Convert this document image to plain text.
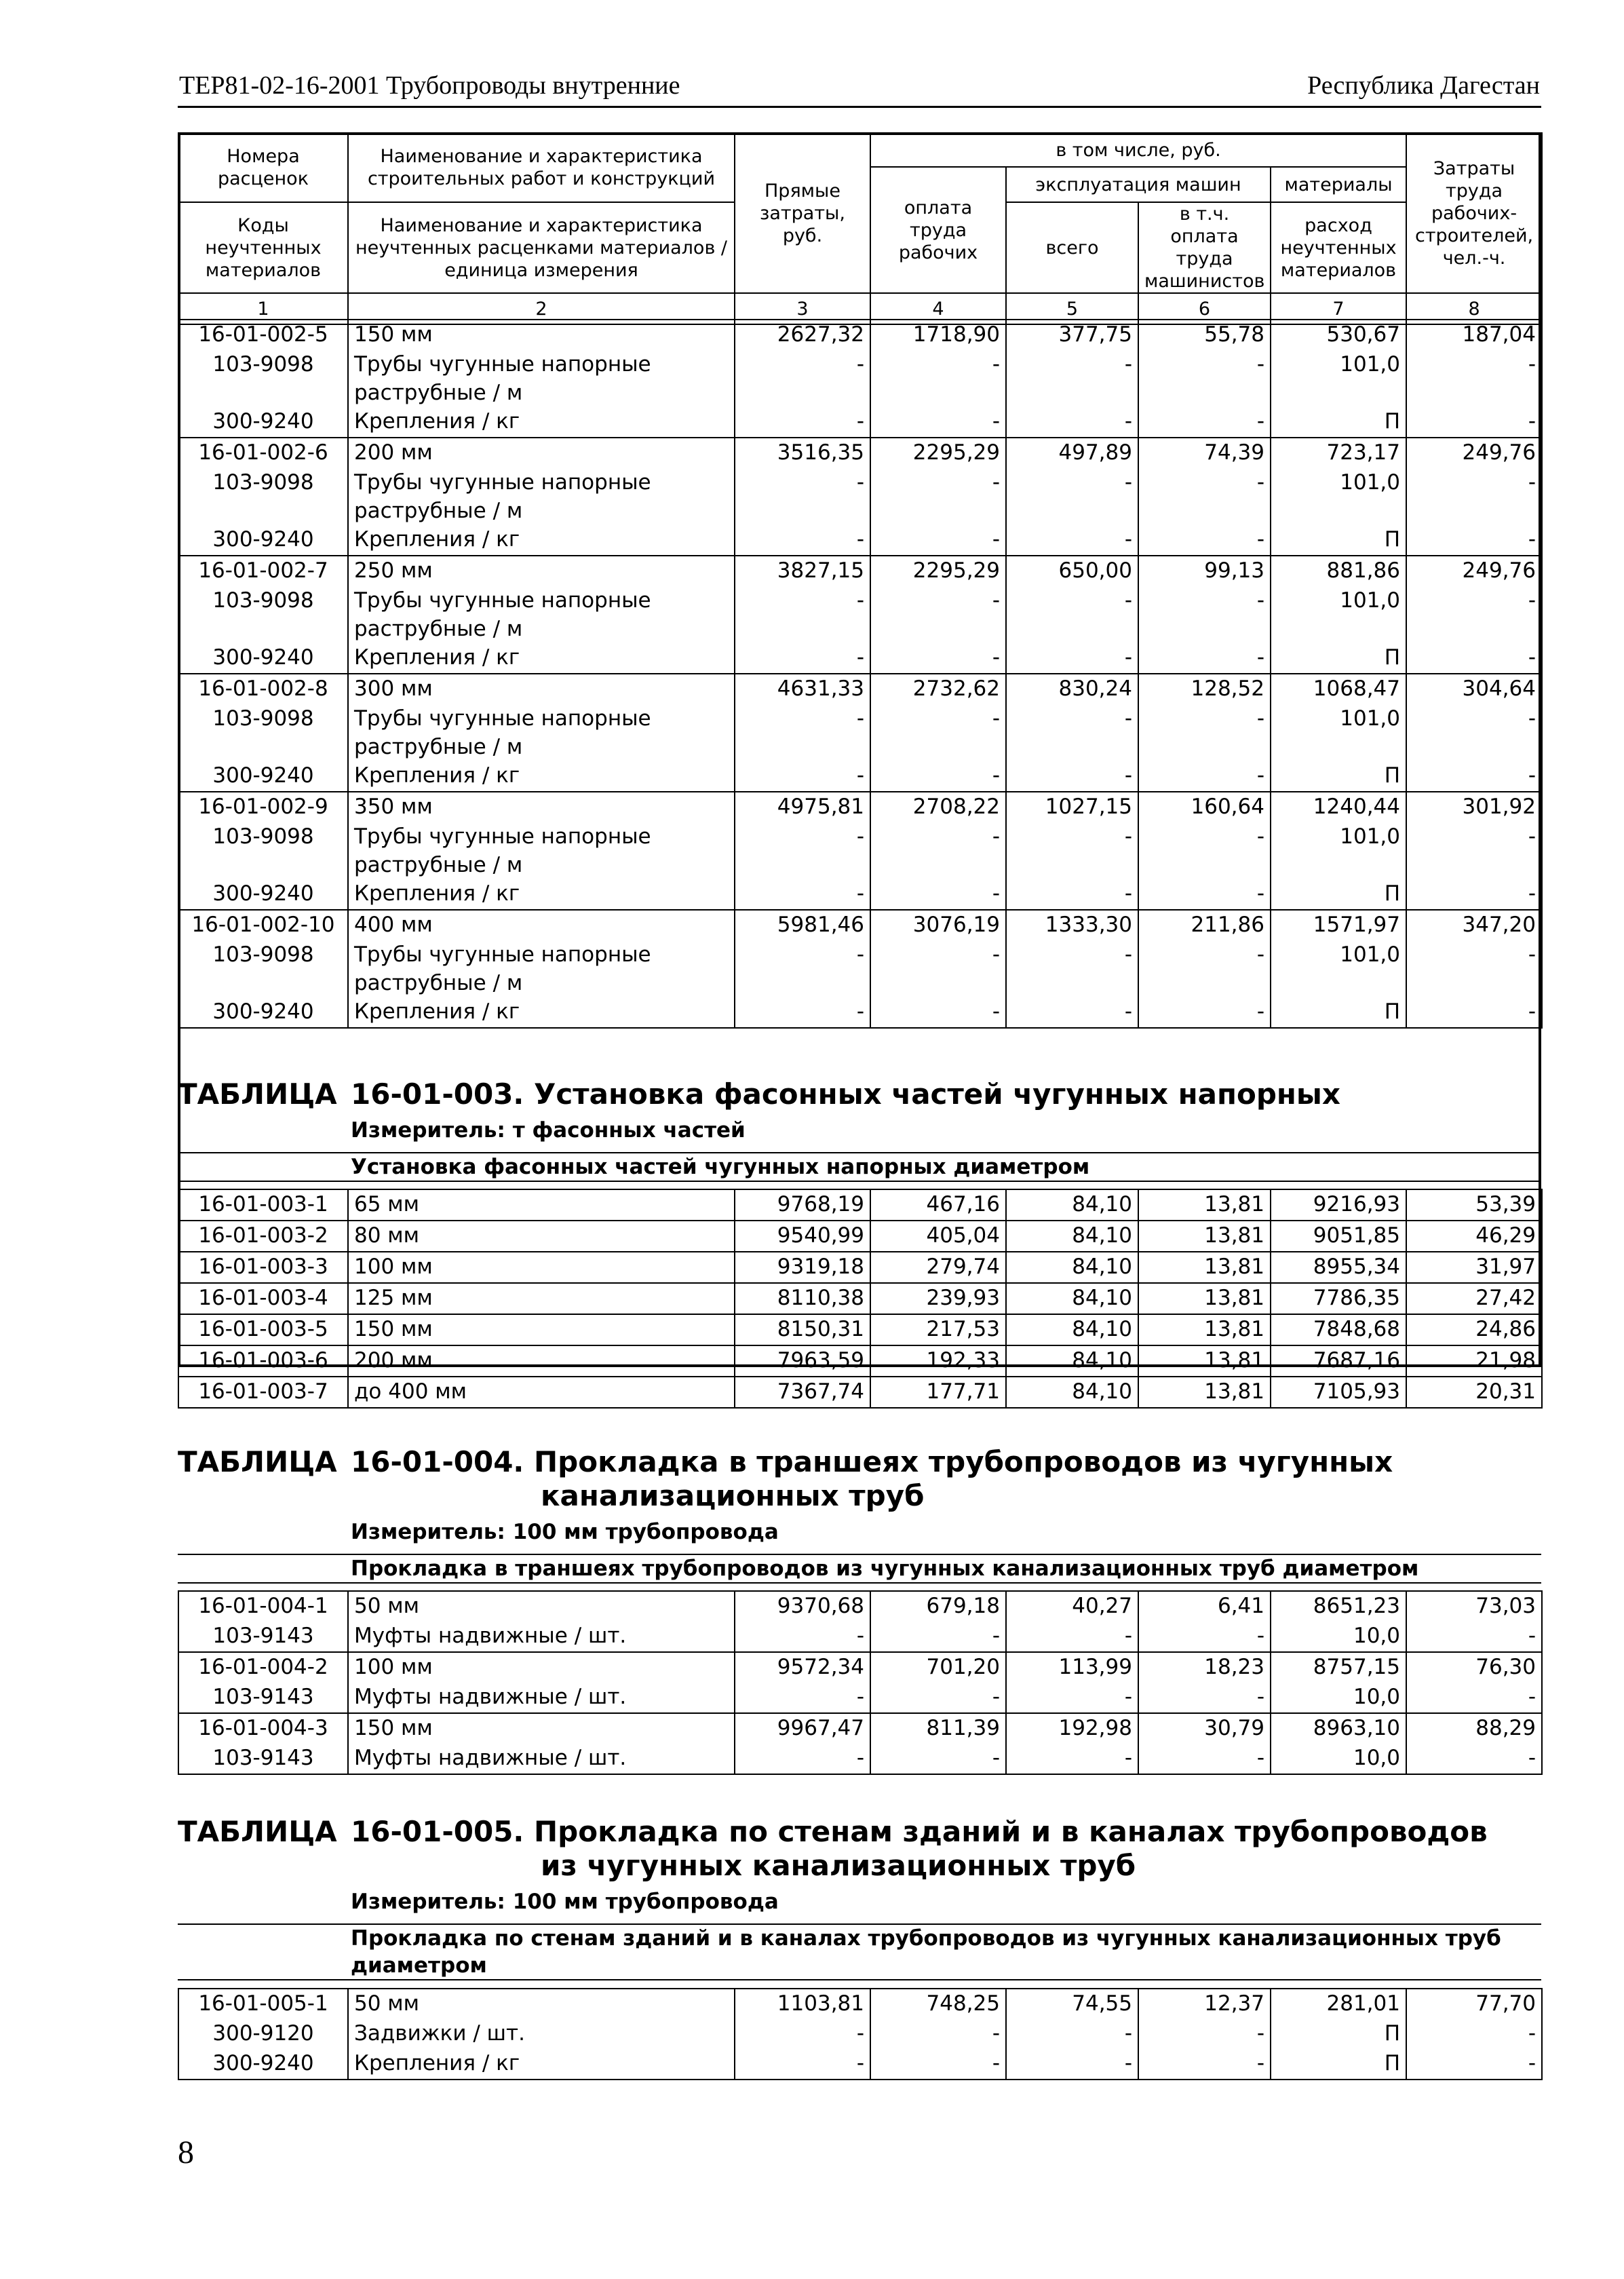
ТЕР81-02-16-2001 Трубопроводы внутренние	Республика Дагестан
Номера расценок	Наименование и характеристика строительных работ и конструкций	Прямые затраты, руб.	в том числе, руб.				Затраты труда рабочих-строителей, чел.-ч.
			оплата труда рабочих	эксплуатация машин		материалы	
Коды неучтенных материалов	Наименование и характеристика неучтенных расценками материалов / единица измерения			всего	в т.ч. оплата труда машинистов	расход неучтенных материалов	

1	2	3	4	5	6	7	8
16-01-002-5	150 мм	2627,32	1718,90	377,75	55,78	530,67	187,04
103-9098	Трубы чугунные напорные раструбные / м	-	-	-	-	101,0	-
300-9240	Крепления / кг	-	-	-	-	П	-
16-01-002-6	200 мм	3516,35	2295,29	497,89	74,39	723,17	249,76
103-9098	Трубы чугунные напорные раструбные / м	-	-	-	-	101,0	-
300-9240	Крепления / кг	-	-	-	-	П	-
16-01-002-7	250 мм	3827,15	2295,29	650,00	99,13	881,86	249,76
103-9098	Трубы чугунные напорные раструбные / м	-	-	-	-	101,0	-
300-9240	Крепления / кг	-	-	-	-	П	-
16-01-002-8	300 мм	4631,33	2732,62	830,24	128,52	1068,47	304,64
103-9098	Трубы чугунные напорные раструбные / м	-	-	-	-	101,0	-
300-9240	Крепления / кг	-	-	-	-	П	-
16-01-002-9	350 мм	4975,81	2708,22	1027,15	160,64	1240,44	301,92
103-9098	Трубы чугунные напорные раструбные / м	-	-	-	-	101,0	-
300-9240	Крепления / кг	-	-	-	-	П	-
16-01-002-10	400 мм	5981,46	3076,19	1333,30	211,86	1571,97	347,20
103-9098	Трубы чугунные напорные раструбные / м	-	-	-	-	101,0	-
300-9240	Крепления / кг	-	-	-	-	П	-
ТАБЛИЦА 16-01-003. Установка фасонных частей чугунных напорных
Измеритель: т фасонных частей
Установка фасонных частей чугунных напорных диаметром
16-01-003-1	65 мм	9768,19	467,16	84,10	13,81	9216,93	53,39
16-01-003-2	80 мм	9540,99	405,04	84,10	13,81	9051,85	46,29
16-01-003-3	100 мм	9319,18	279,74	84,10	13,81	8955,34	31,97
16-01-003-4	125 мм	8110,38	239,93	84,10	13,81	7786,35	27,42
16-01-003-5	150 мм	8150,31	217,53	84,10	13,81	7848,68	24,86
16-01-003-6	200 мм	7963,59	192,33	84,10	13,81	7687,16	21,98
16-01-003-7	до 400 мм	7367,74	177,71	84,10	13,81	7105,93	20,31
ТАБЛИЦА 16-01-004. Прокладка в траншеях трубопроводов из чугунных
канализационных труб
Измеритель: 100 мм трубопровода
Прокладка в траншеях трубопроводов из чугунных канализационных труб диаметром
16-01-004-1	50 мм	9370,68	679,18	40,27	6,41	8651,23	73,03
103-9143	Муфты надвижные / шт.	-	-	-	-	10,0	-
16-01-004-2	100 мм	9572,34	701,20	113,99	18,23	8757,15	76,30
103-9143	Муфты надвижные / шт.	-	-	-	-	10,0	-
16-01-004-3	150 мм	9967,47	811,39	192,98	30,79	8963,10	88,29
103-9143	Муфты надвижные / шт.	-	-	-	-	10,0	-
ТАБЛИЦА 16-01-005. Прокладка по стенам зданий и в каналах трубопроводов
из чугунных канализационных труб
Измеритель: 100 мм трубопровода
Прокладка по стенам зданий и в каналах трубопроводов из чугунных канализационных труб диаметром
16-01-005-1	50 мм	1103,81	748,25	74,55	12,37	281,01	77,70
300-9120	Задвижки / шт.	-	-	-	-	П	-
300-9240	Крепления / кг	-	-	-	-	П	-
8
